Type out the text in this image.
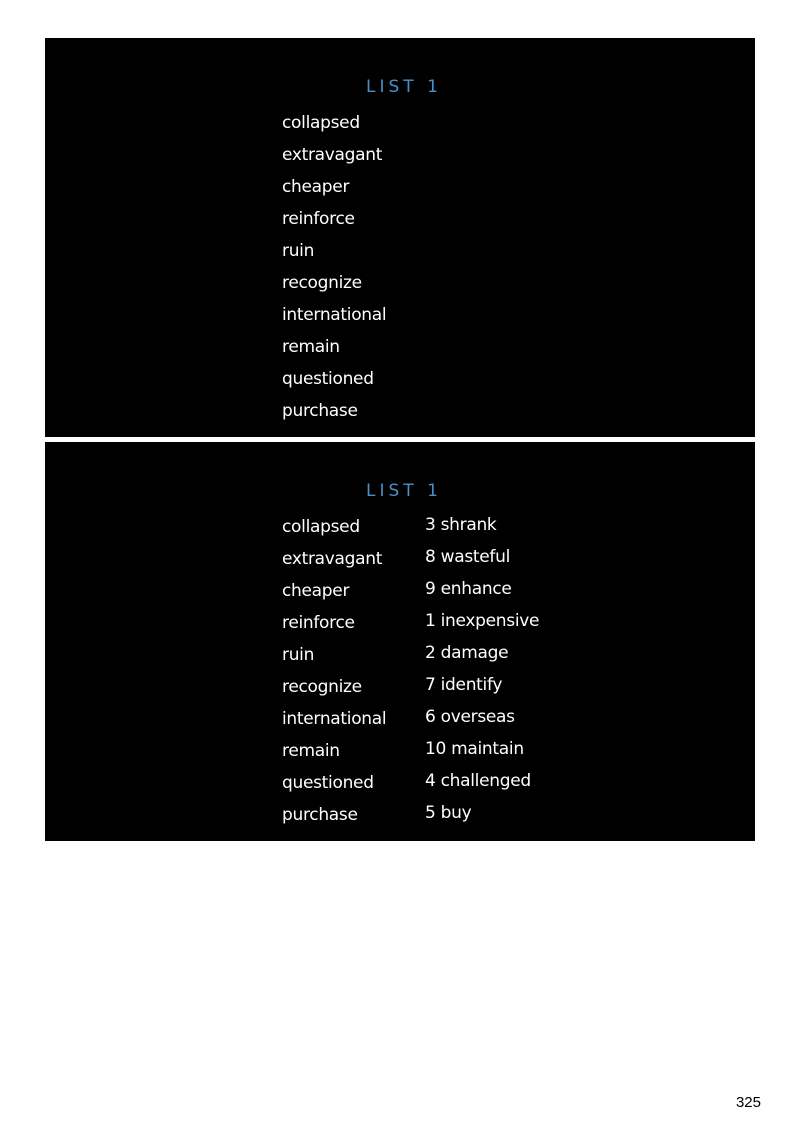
LIST 1
collapsed
extravagant
cheaper
reinforce
ruin
recognize
international
remain
questioned
purchase
LIST 1
collapsed
extravagant
cheaper
reinforce
ruin
recognize
international
remain
questioned
purchase
3 shrank
8 wasteful
9 enhance
1 inexpensive
2 damage
7 identify
6 overseas
10 maintain
4 challenged
5 buy
325
